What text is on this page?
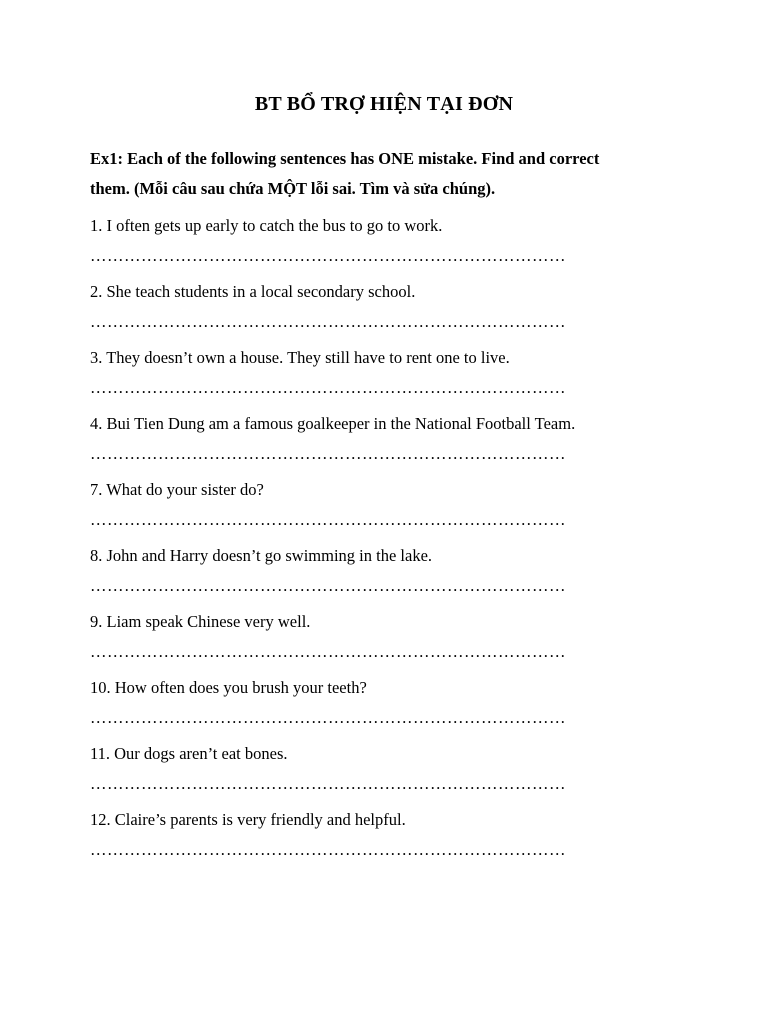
BT BỔ TRỢ HIỆN TẠI ĐƠN
Ex1: Each of the following sentences has ONE mistake. Find and correct
them. (Mỗi câu sau chứa MỘT lỗi sai. Tìm và sửa chúng).
1. I often gets up early to catch the bus to go to work.
…………………………………………………………………………
2. She teach students in a local secondary school.
…………………………………………………………………………
3. They doesn’t own a house. They still have to rent one to live.
…………………………………………………………………………
4. Bui Tien Dung am a famous goalkeeper in the National Football Team.
…………………………………………………………………………
7. What do your sister do?
…………………………………………………………………………
8. John and Harry doesn’t go swimming in the lake.
…………………………………………………………………………
9. Liam speak Chinese very well.
…………………………………………………………………………
10. How often does you brush your teeth?
…………………………………………………………………………
11. Our dogs aren’t eat bones.
…………………………………………………………………………
12. Claire’s parents is very friendly and helpful.
…………………………………………………………………………
